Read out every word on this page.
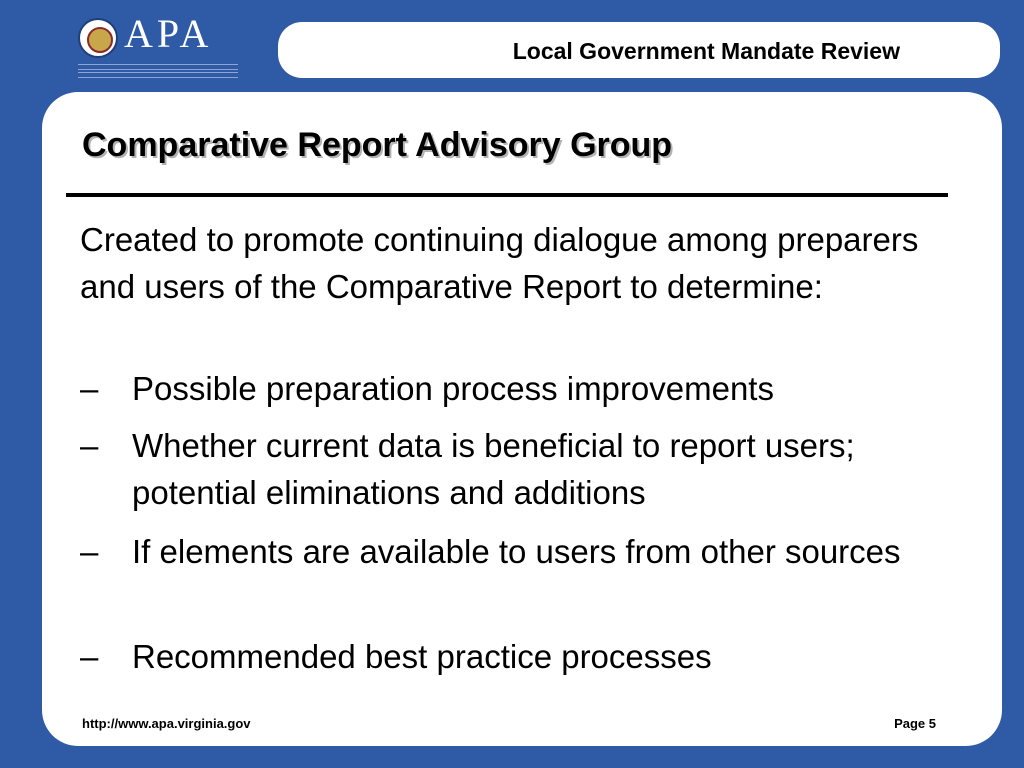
APA	Local Government Mandate Review
Comparative Report Advisory Group
Created to promote continuing dialogue among preparers and users of the Comparative Report to determine:
– Possible preparation process improvements
– Whether current data is beneficial to report users; potential eliminations and additions
– If elements are available to users from other sources
– Recommended best practice processes
http://www.apa.virginia.gov	Page 5
